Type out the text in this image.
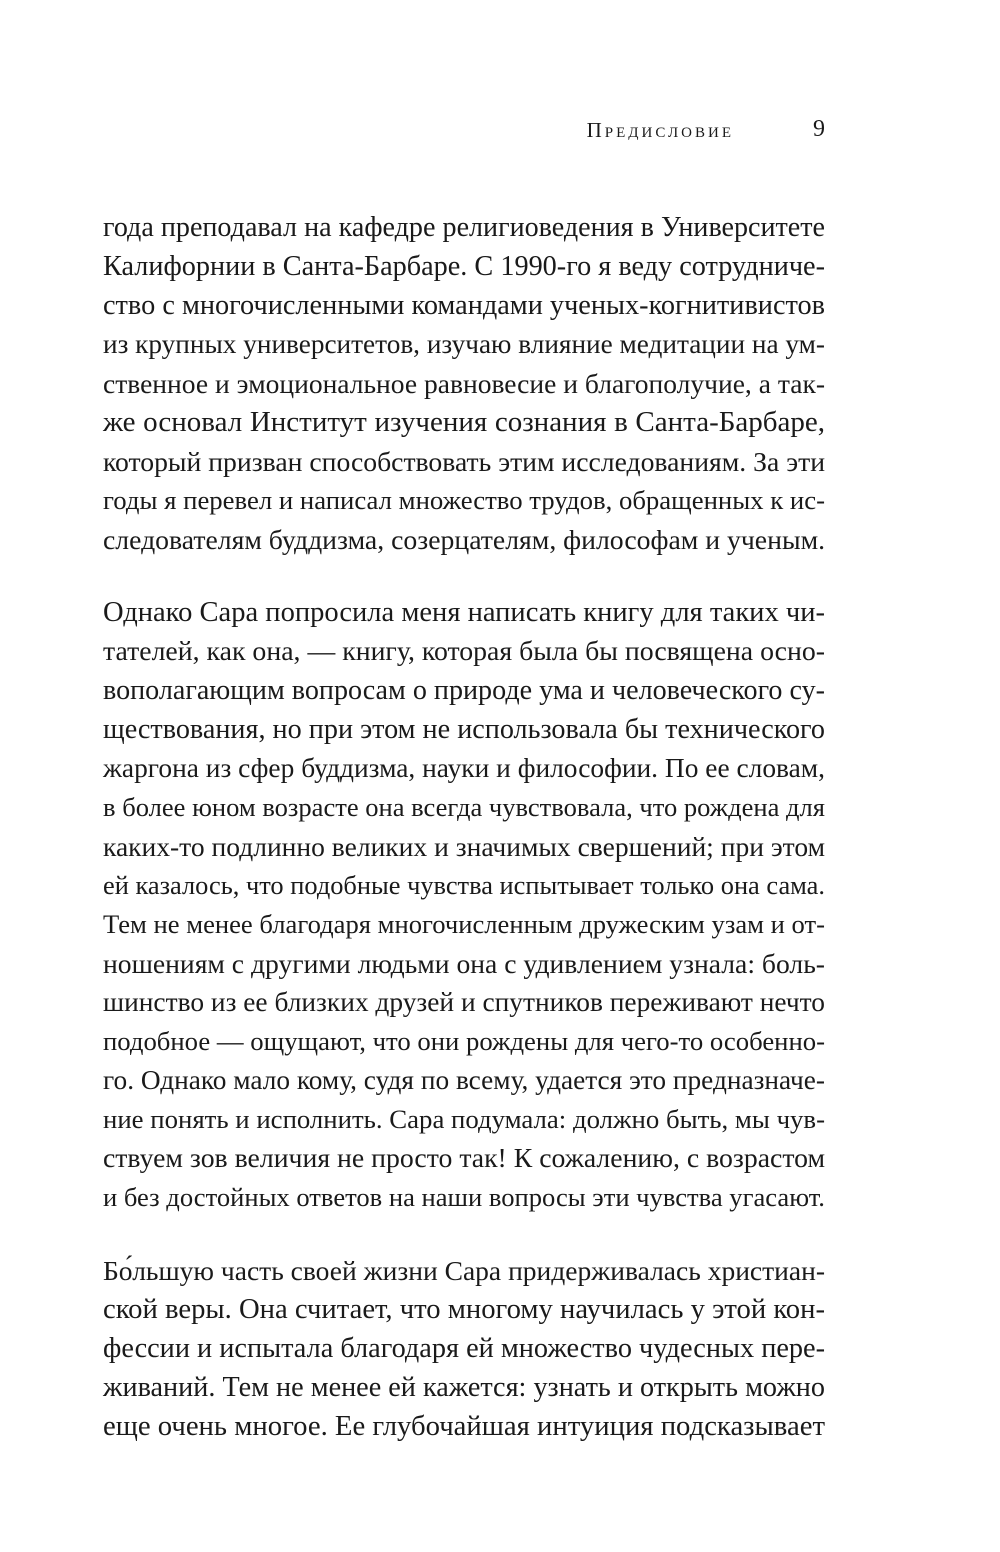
Предисловие	9
года преподавал на кафедре религиоведения в Университете
Калифорнии в Санта-Барбаре. С 1990-го я веду сотрудниче-
ство с многочисленными командами ученых-когнитивистов
из крупных университетов, изучаю влияние медитации на ум-
ственное и эмоциональное равновесие и благополучие, а так-
же основал Институт изучения сознания в Санта-Барбаре,
который призван способствовать этим исследованиям. За эти
годы я перевел и написал множество трудов, обращенных к ис-
следователям буддизма, созерцателям, философам и ученым.
Однако Сара попросила меня написать книгу для таких чи-
тателей, как она, — книгу, которая была бы посвящена осно-
вополагающим вопросам о природе ума и человеческого су-
ществования, но при этом не использовала бы технического
жаргона из сфер буддизма, науки и философии. По ее словам,
в более юном возрасте она всегда чувствовала, что рождена для
каких-то подлинно великих и значимых свершений; при этом
ей казалось, что подобные чувства испытывает только она сама.
Тем не менее благодаря многочисленным дружеским узам и от-
ношениям с другими людьми она с удивлением узнала: боль-
шинство из ее близких друзей и спутников переживают нечто
подобное — ощущают, что они рождены для чего-то особенно-
го. Однако мало кому, судя по всему, удается это предназначе-
ние понять и исполнить. Сара подумала: должно быть, мы чув-
ствуем зов величия не просто так! К сожалению, с возрастом
и без достойных ответов на наши вопросы эти чувства угасают.
Бо́льшую часть своей жизни Сара придерживалась христиан-
ской веры. Она считает, что многому научилась у этой кон-
фессии и испытала благодаря ей множество чудесных пере-
живаний. Тем не менее ей кажется: узнать и открыть можно
еще очень многое. Ее глубочайшая интуиция подсказывает
